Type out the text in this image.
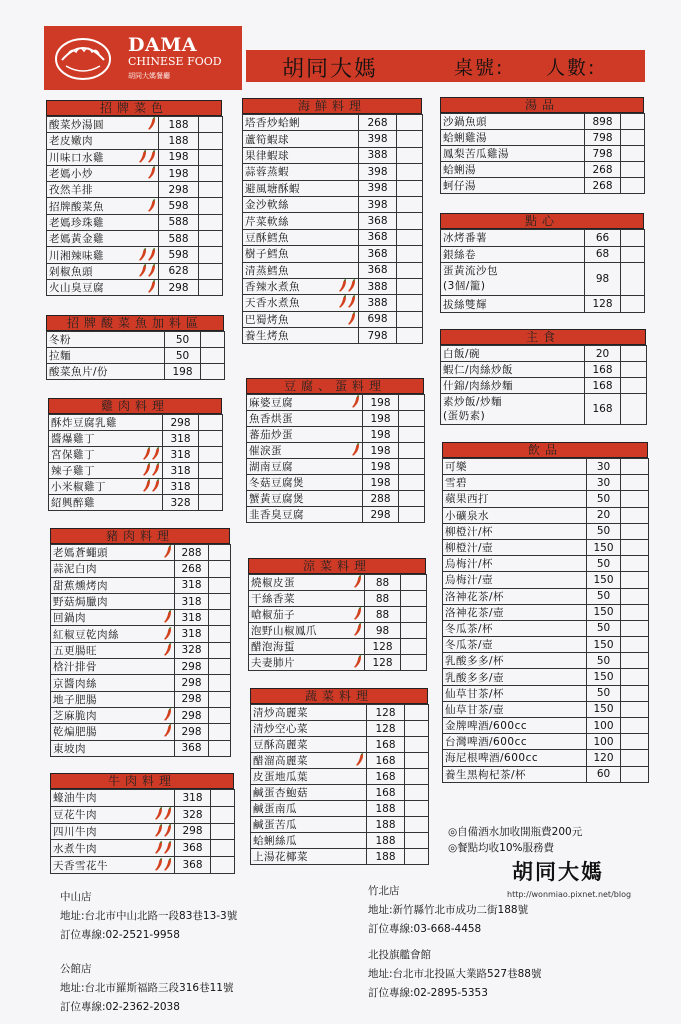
DAMA
CHINESE FOOD
胡同大媽餐廳	胡同大媽	桌號: 人數:
招牌菜色
酸菜炒湯圓	188	
老皮嫩肉	188	
川味口水雞	198	
老媽小炒	198	
孜然羊排	298	
招牌酸菜魚	598	
老媽珍珠雞	588	
老媽黃金雞	588	
川湘辣味雞	598	
剁椒魚頭	628	
火山臭豆腐	298	
招牌酸菜魚加料區
冬粉	50	
拉麵	50	
酸菜魚片/份	198	
雞肉料理
酥炸豆腐乳雞	298	
醬爆雞丁	318	
宮保雞丁	318	
辣子雞丁	318	
小米椒雞丁	318	
紹興醉雞	328	
豬肉料理
老媽蒼蠅頭	288	
蒜泥白肉	268	
甜蕉燻烤肉	318	
野菇焗臘肉	318	
回鍋肉	318	
紅椒豆乾肉絲	318	
五更腸旺	328	
梒汁排骨	298	
京醬肉絲	298	
地子肥腸	298	
芝麻脆肉	298	
乾煸肥腸	298	
東坡肉	368	
牛肉料理
蠔油牛肉	318	
豆花牛肉	328	
四川牛肉	298	
水煮牛肉	368	
天香雪花牛	368	
海鮮料理
塔香炒蛤蜊	268	
蘆筍蝦球	398	
果律蝦球	388	
蒜蓉蒸蝦	398	
避風塘酥蝦	398	
金沙軟絲	398	
芹菜軟絲	368	
豆酥鱈魚	368	
樹子鱈魚	368	
清蒸鱈魚	368	
香辣水煮魚	388	
天香水煮魚	388	
巴蜀烤魚	698	
養生烤魚	798	
豆腐、蛋料理
麻婆豆腐	198	
魚香烘蛋	198	
蕃茄炒蛋	198	
催淚蛋	198	
湖南豆腐	198	
冬菇豆腐煲	198	
蟹黃豆腐煲	288	
韭香臭豆腐	298	
涼菜料理
燒椒皮蛋	88	
干絲香菜	88	
嗆椒茄子	88	
泡野山椒鳳爪	98	
醋泡海蜇	128	
夫妻肺片	128	
蔬菜料理
清炒高麗菜	128	
清炒空心菜	128	
豆酥高麗菜	168	
醋溜高麗菜	168	
皮蛋地瓜葉	168	
鹹蛋杏鮑菇	168	
鹹蛋南瓜	188	
鹹蛋苦瓜	188	
蛤蜊絲瓜	188	
上湯花椰菜	188	
湯品
沙鍋魚頭	898	
蛤蜊雞湯	798	
鳳梨苦瓜雞湯	798	
蛤蜊湯	268	
蚵仔湯	268	
點心
冰烤番薯	66	
銀絲卷	68	
蛋黃流沙包
(3個/籠)	98	
拔絲雙輝	128	
主食
白飯/碗	20	
蝦仁/肉絲炒飯	168	
什錦/肉絲炒麵	168	
素炒飯/炒麵
(蛋奶素)	168	
飲品
可樂	30	
雪碧	30	
蘋果西打	50	
小礦泉水	20	
柳橙汁/杯	50	
柳橙汁/壺	150	
烏梅汁/杯	50	
烏梅汁/壺	150	
洛神花茶/杯	50	
洛神花茶/壺	150	
冬瓜茶/杯	50	
冬瓜茶/壺	150	
乳酸多多/杯	50	
乳酸多多/壺	150	
仙草甘茶/杯	50	
仙草甘茶/壺	150	
金牌啤酒/600cc	100	
台灣啤酒/600cc	100	
海尼根啤酒/600cc	120	
養生黑枸杞茶/杯	60	
◎自備酒水加收開瓶費200元
◎餐點均收10%服務費
胡同大媽
http://wonmiao.pixnet.net/blog
中山店
地址:台北市中山北路一段83巷13-3號
訂位專線:02-2521-9958
竹北店
地址:新竹縣竹北市成功二街188號
訂位專線:03-668-4458
公館店
地址:台北市羅斯福路三段316巷11號
訂位專線:02-2362-2038
北投旗艦會館
地址:台北市北投區大業路527巷88號
訂位專線:02-2895-5353
